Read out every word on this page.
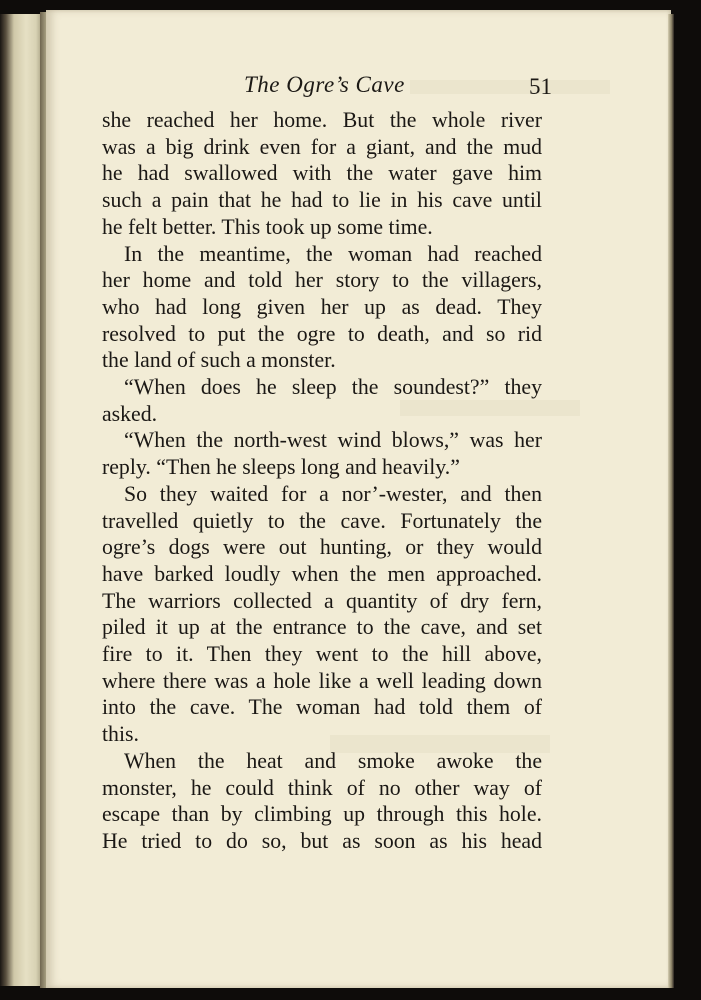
The Ogre’s Cave	51
she reached her home. But the whole river
was a big drink even for a giant, and the mud
he had swallowed with the water gave him
such a pain that he had to lie in his cave until
he felt better. This took up some time.
In the meantime, the woman had reached
her home and told her story to the villagers,
who had long given her up as dead. They
resolved to put the ogre to death, and so rid
the land of such a monster.
“When does he sleep the soundest?” they
asked.
“When the north-west wind blows,” was her
reply. “Then he sleeps long and heavily.”
So they waited for a nor’-wester, and then
travelled quietly to the cave. Fortunately the
ogre’s dogs were out hunting, or they would
have barked loudly when the men approached.
The warriors collected a quantity of dry fern,
piled it up at the entrance to the cave, and set
fire to it. Then they went to the hill above,
where there was a hole like a well leading down
into the cave. The woman had told them of
this.
When the heat and smoke awoke the
monster, he could think of no other way of
escape than by climbing up through this hole.
He tried to do so, but as soon as his head
